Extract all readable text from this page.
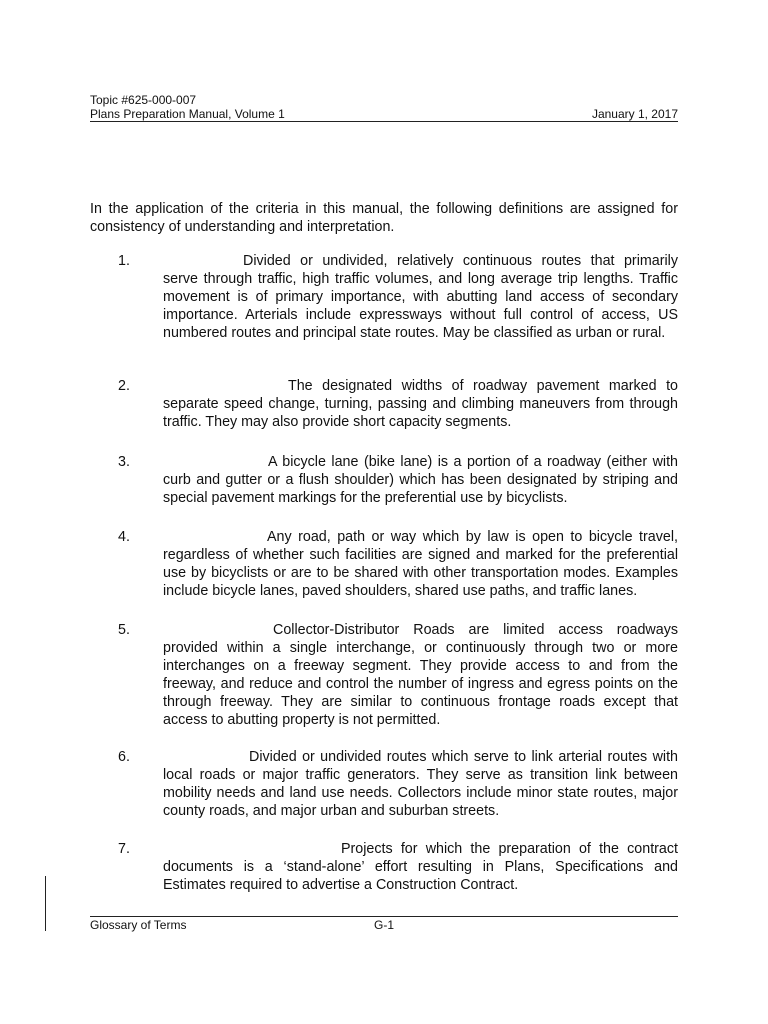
Topic #625-000-007
Plans Preparation Manual, Volume 1	January 1, 2017
In the application of the criteria in this manual, the following definitions are assigned for consistency of understanding and interpretation.
1.	Divided or undivided, relatively continuous routes that primarily serve through traffic, high traffic volumes, and long average trip lengths. Traffic movement is of primary importance, with abutting land access of secondary importance. Arterials include expressways without full control of access, US numbered routes and principal state routes. May be classified as urban or rural.
2.	The designated widths of roadway pavement marked to separate speed change, turning, passing and climbing maneuvers from through traffic. They may also provide short capacity segments.
3.	A bicycle lane (bike lane) is a portion of a roadway (either with curb and gutter or a flush shoulder) which has been designated by striping and special pavement markings for the preferential use by bicyclists.
4.	Any road, path or way which by law is open to bicycle travel, regardless of whether such facilities are signed and marked for the preferential use by bicyclists or are to be shared with other transportation modes. Examples include bicycle lanes, paved shoulders, shared use paths, and traffic lanes.
5.	Collector-Distributor Roads are limited access roadways provided within a single interchange, or continuously through two or more interchanges on a freeway segment. They provide access to and from the freeway, and reduce and control the number of ingress and egress points on the through freeway. They are similar to continuous frontage roads except that access to abutting property is not permitted.
6.	Divided or undivided routes which serve to link arterial routes with local roads or major traffic generators. They serve as transition link between mobility needs and land use needs. Collectors include minor state routes, major county roads, and major urban and suburban streets.
7.	Projects for which the preparation of the contract documents is a ‘stand-alone’ effort resulting in Plans, Specifications and Estimates required to advertise a Construction Contract.
Glossary of Terms	G-1
